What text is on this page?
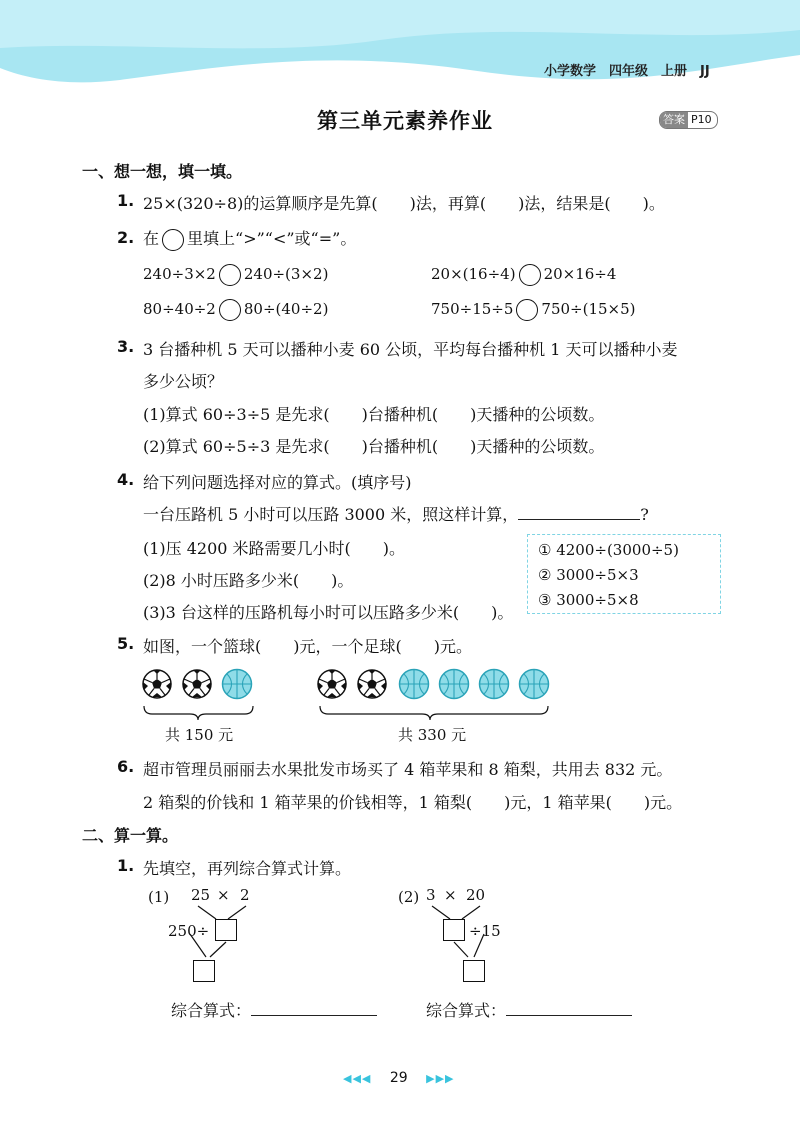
小学数学　四年级　上册　JJ
第三单元素养作业	答案 P10
一、想一想，填一填。
1. 25×(320÷8)的运算顺序是先算(　　)法，再算(　　)法，结果是(　　)。
2. 在 里填上“>”“<”或“=”。
240÷3×2 240÷(3×2)	20×(16÷4) 20×16÷4
80÷40÷2 80÷(40÷2)	750÷15÷5 750÷(15×5)
3. 3 台播种机 5 天可以播种小麦 60 公顷，平均每台播种机 1 天可以播种小麦
多少公顷？
(1)算式 60÷3÷5 是先求(　　)台播种机(　　)天播种的公顷数。
(2)算式 60÷5÷3 是先求(　　)台播种机(　　)天播种的公顷数。
4. 给下列问题选择对应的算式。(填序号)
一台压路机 5 小时可以压路 3000 米，照这样计算，	?
(1)压 4200 米路需要几小时(　　)。
(2)8 小时压路多少米(　　)。
(3)3 台这样的压路机每小时可以压路多少米(　　)。
① 4200÷(3000÷5)
② 3000÷5×3
③ 3000÷5×8
5. 如图，一个篮球(　　)元，一个足球(　　)元。
共 150 元	共 330 元
6. 超市管理员丽丽去水果批发市场买了 4 箱苹果和 8 箱梨，共用去 832 元。
2 箱梨的价钱和 1 箱苹果的价钱相等，1 箱梨(　　)元，1 箱苹果(　　)元。
二、算一算。
1. 先填空，再列综合算式计算。
(1) 25 × 2
250÷
综合算式：
(2) 3 × 20
÷15
综合算式：
◀◀◀ 29 ▶▶▶
